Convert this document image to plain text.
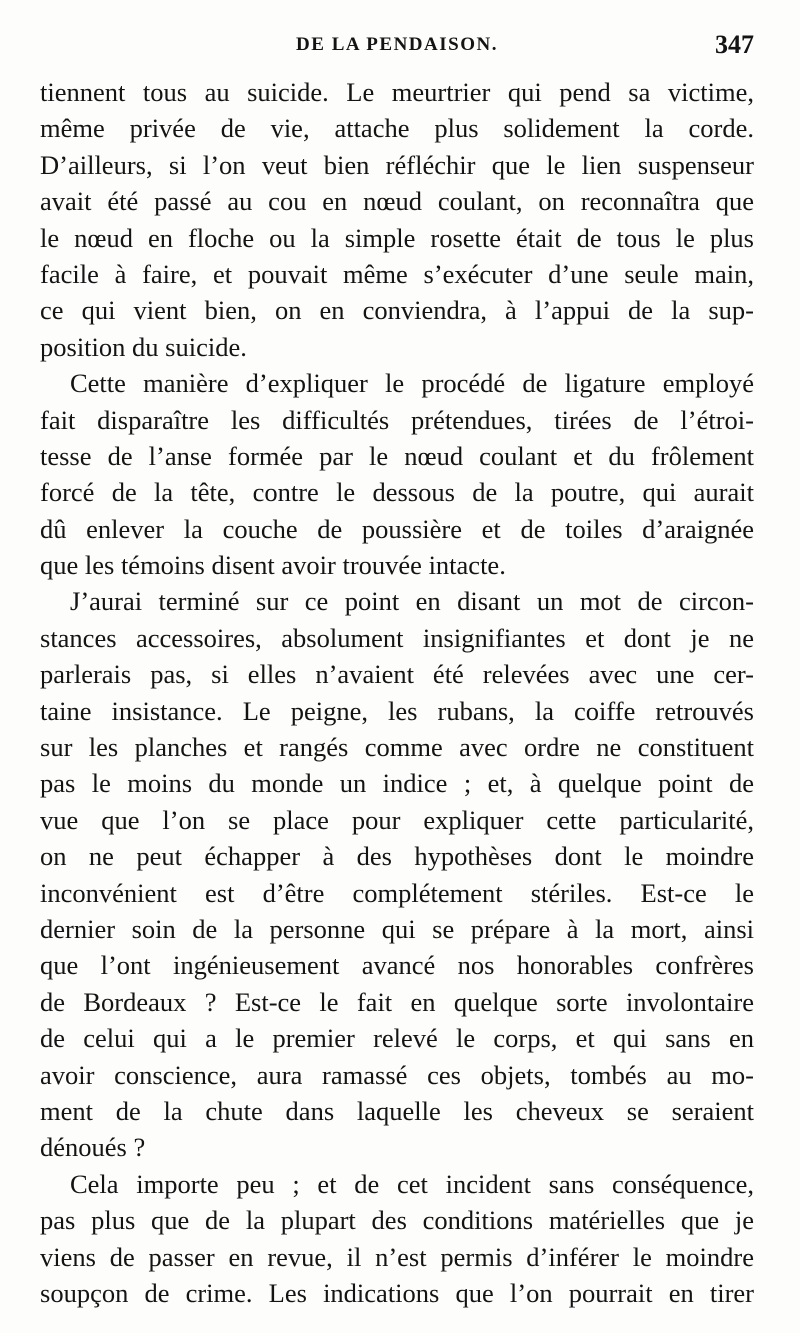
DE LA PENDAISON.	347
tiennent tous au suicide. Le meurtrier qui pend sa victime,
même privée de vie, attache plus solidement la corde.
D’ailleurs, si l’on veut bien réfléchir que le lien suspenseur
avait été passé au cou en nœud coulant, on reconnaîtra que
le nœud en floche ou la simple rosette était de tous le plus
facile à faire, et pouvait même s’exécuter d’une seule main,
ce qui vient bien, on en conviendra, à l’appui de la sup-
position du suicide.
Cette manière d’expliquer le procédé de ligature employé
fait disparaître les difficultés prétendues, tirées de l’étroi-
tesse de l’anse formée par le nœud coulant et du frôlement
forcé de la tête, contre le dessous de la poutre, qui aurait
dû enlever la couche de poussière et de toiles d’araignée
que les témoins disent avoir trouvée intacte.
J’aurai terminé sur ce point en disant un mot de circon-
stances accessoires, absolument insignifiantes et dont je ne
parlerais pas, si elles n’avaient été relevées avec une cer-
taine insistance. Le peigne, les rubans, la coiffe retrouvés
sur les planches et rangés comme avec ordre ne constituent
pas le moins du monde un indice ; et, à quelque point de
vue que l’on se place pour expliquer cette particularité,
on ne peut échapper à des hypothèses dont le moindre
inconvénient est d’être complétement stériles. Est-ce le
dernier soin de la personne qui se prépare à la mort, ainsi
que l’ont ingénieusement avancé nos honorables confrères
de Bordeaux ? Est-ce le fait en quelque sorte involontaire
de celui qui a le premier relevé le corps, et qui sans en
avoir conscience, aura ramassé ces objets, tombés au mo-
ment de la chute dans laquelle les cheveux se seraient
dénoués ?
Cela importe peu ; et de cet incident sans conséquence,
pas plus que de la plupart des conditions matérielles que je
viens de passer en revue, il n’est permis d’inférer le moindre
soupçon de crime. Les indications que l’on pourrait en tirer
